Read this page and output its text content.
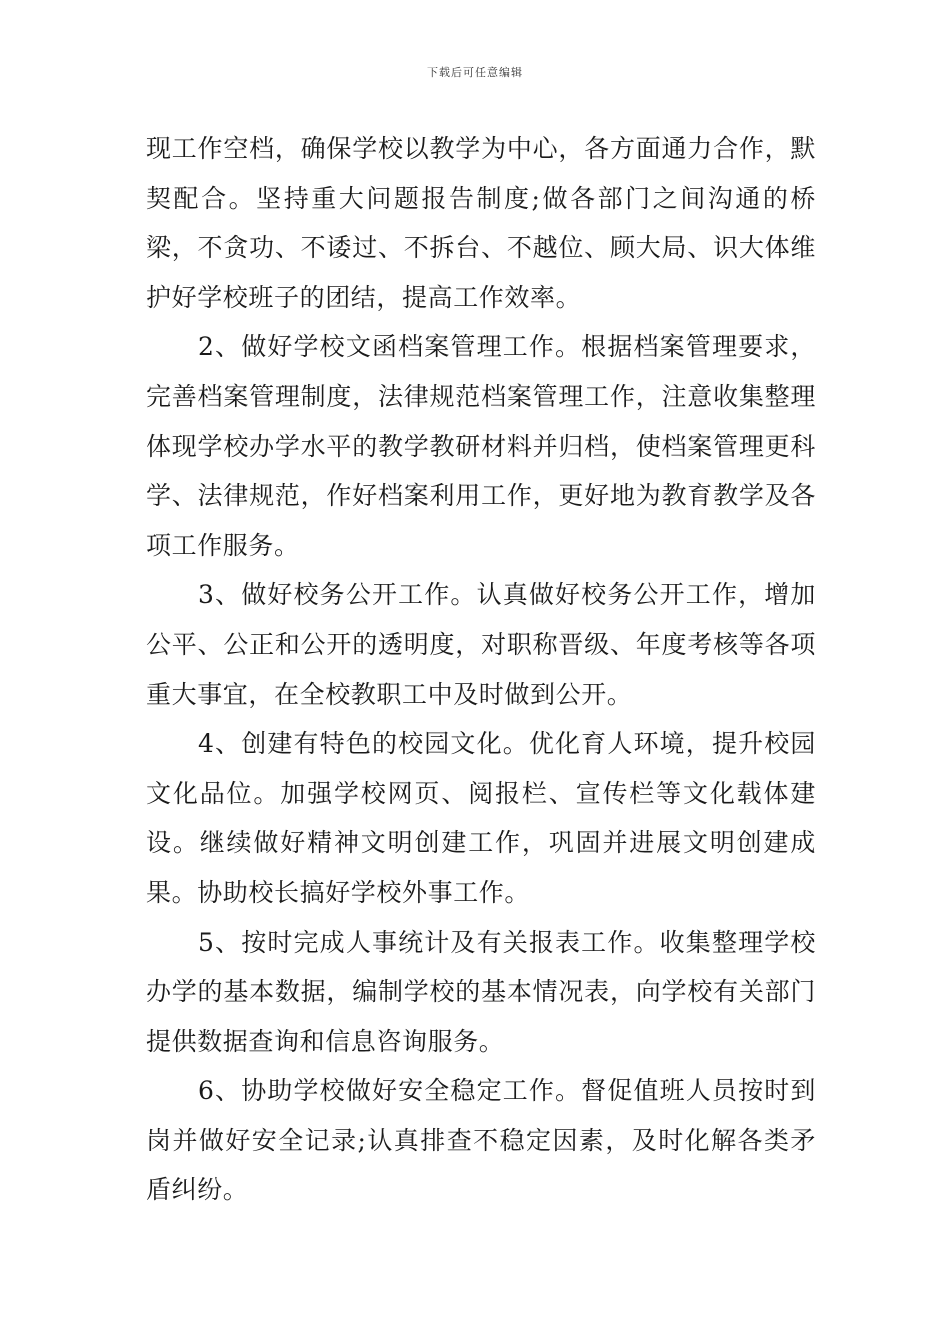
下载后可任意编辑

现工作空档，确保学校以教学为中心，各方面通力合作，默契配合。坚持重大问题报告制度;做各部门之间沟通的桥梁，不贪功、不诿过、不拆台、不越位、顾大局、识大体维护好学校班子的团结，提高工作效率。

2、做好学校文函档案管理工作。根据档案管理要求，完善档案管理制度，法律规范档案管理工作，注意收集整理体现学校办学水平的教学教研材料并归档，使档案管理更科学、法律规范，作好档案利用工作，更好地为教育教学及各项工作服务。

3、做好校务公开工作。认真做好校务公开工作，增加公平、公正和公开的透明度，对职称晋级、年度考核等各项重大事宜，在全校教职工中及时做到公开。

4、创建有特色的校园文化。优化育人环境，提升校园文化品位。加强学校网页、阅报栏、宣传栏等文化载体建设。继续做好精神文明创建工作，巩固并进展文明创建成果。协助校长搞好学校外事工作。

5、按时完成人事统计及有关报表工作。收集整理学校办学的基本数据，编制学校的基本情况表，向学校有关部门提供数据查询和信息咨询服务。

6、协助学校做好安全稳定工作。督促值班人员按时到岗并做好安全记录;认真排查不稳定因素，及时化解各类矛盾纠纷。
